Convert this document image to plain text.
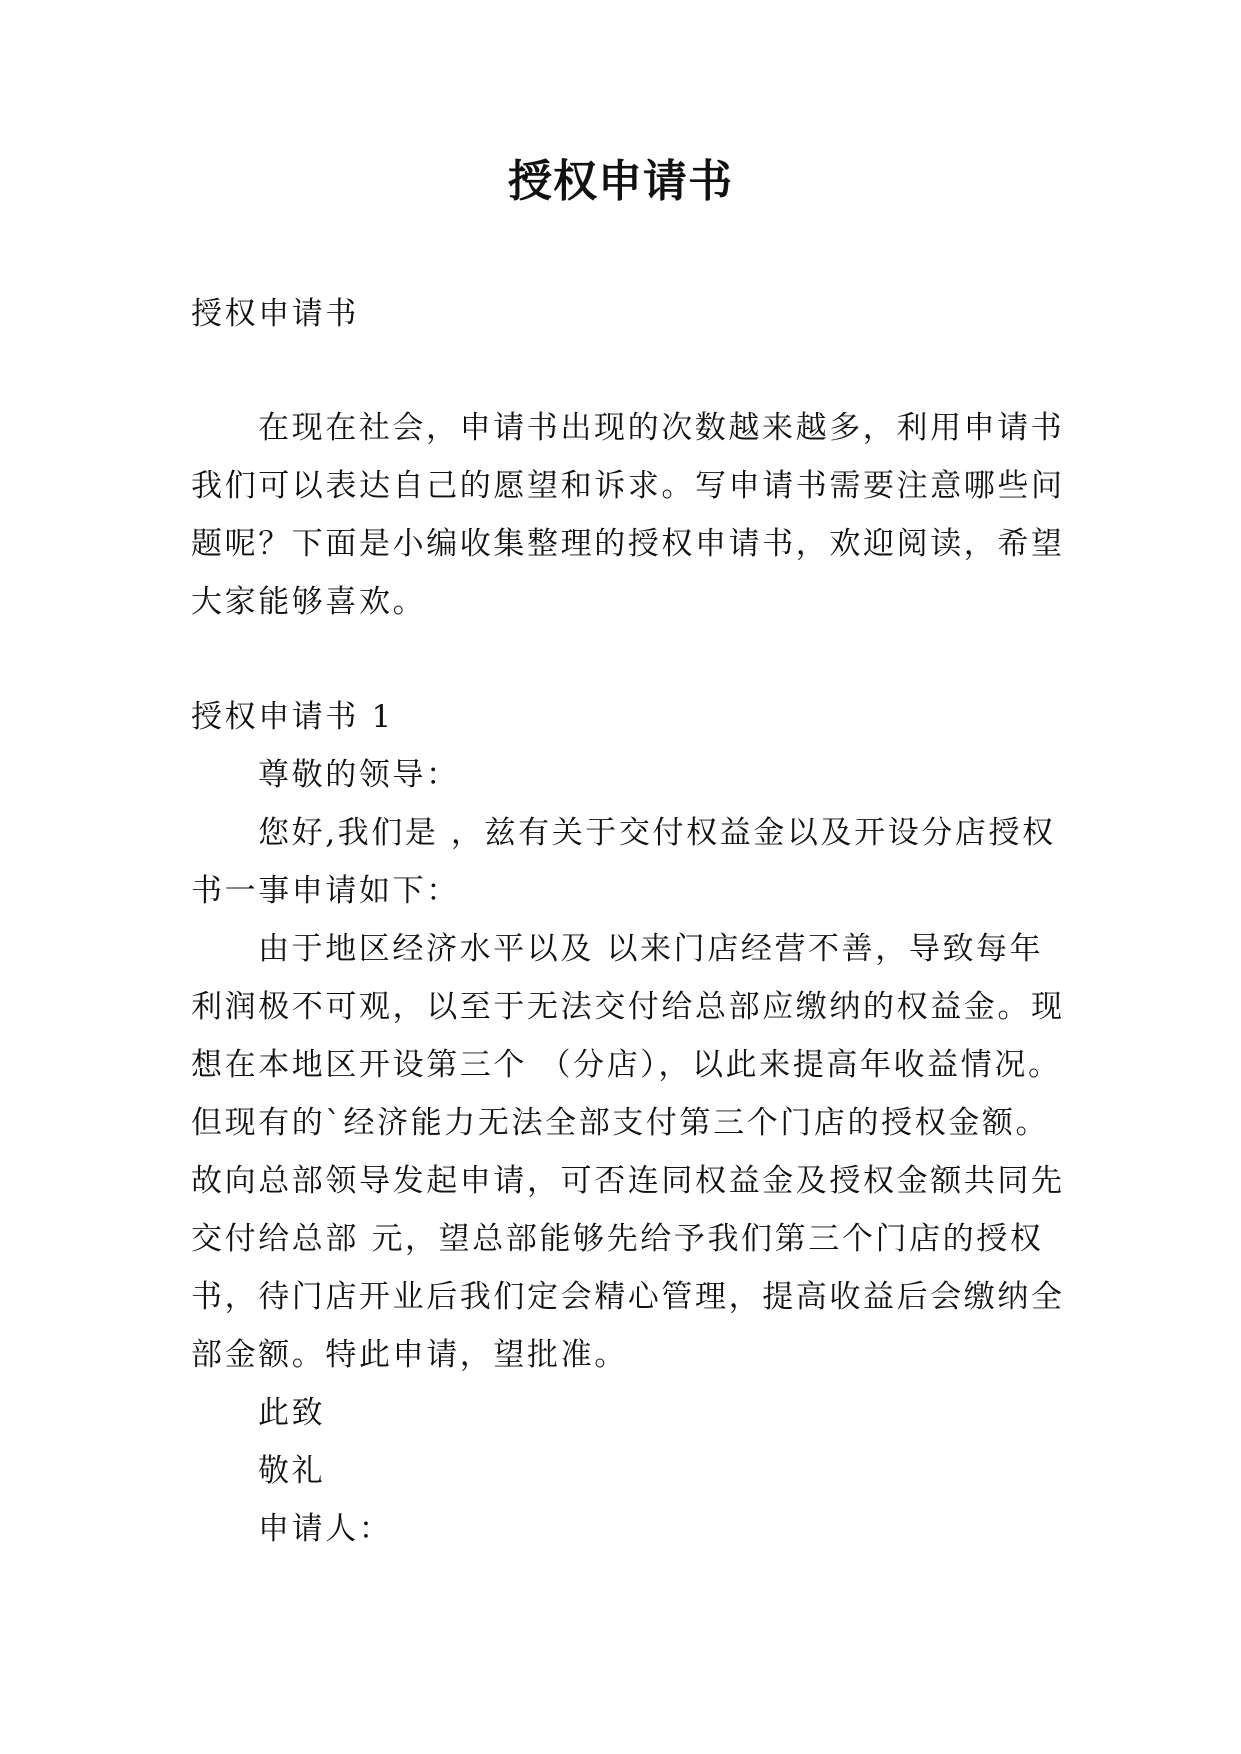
授权申请书
授权申请书
在现在社会，申请书出现的次数越来越多，利用申请书
我们可以表达自己的愿望和诉求。写申请书需要注意哪些问
题呢？下面是小编收集整理的授权申请书，欢迎阅读，希望
大家能够喜欢。
授权申请书 1
尊敬的领导：
您好,我们是 ，兹有关于交付权益金以及开设分店授权
书一事申请如下：
由于地区经济水平以及 以来门店经营不善，导致每年
利润极不可观，以至于无法交付给总部应缴纳的权益金。现
想在本地区开设第三个 （分店），以此来提高年收益情况。
但现有的`经济能力无法全部支付第三个门店的授权金额。
故向总部领导发起申请，可否连同权益金及授权金额共同先
交付给总部 元，望总部能够先给予我们第三个门店的授权
书，待门店开业后我们定会精心管理，提高收益后会缴纳全
部金额。特此申请，望批准。
此致
敬礼
申请人：
